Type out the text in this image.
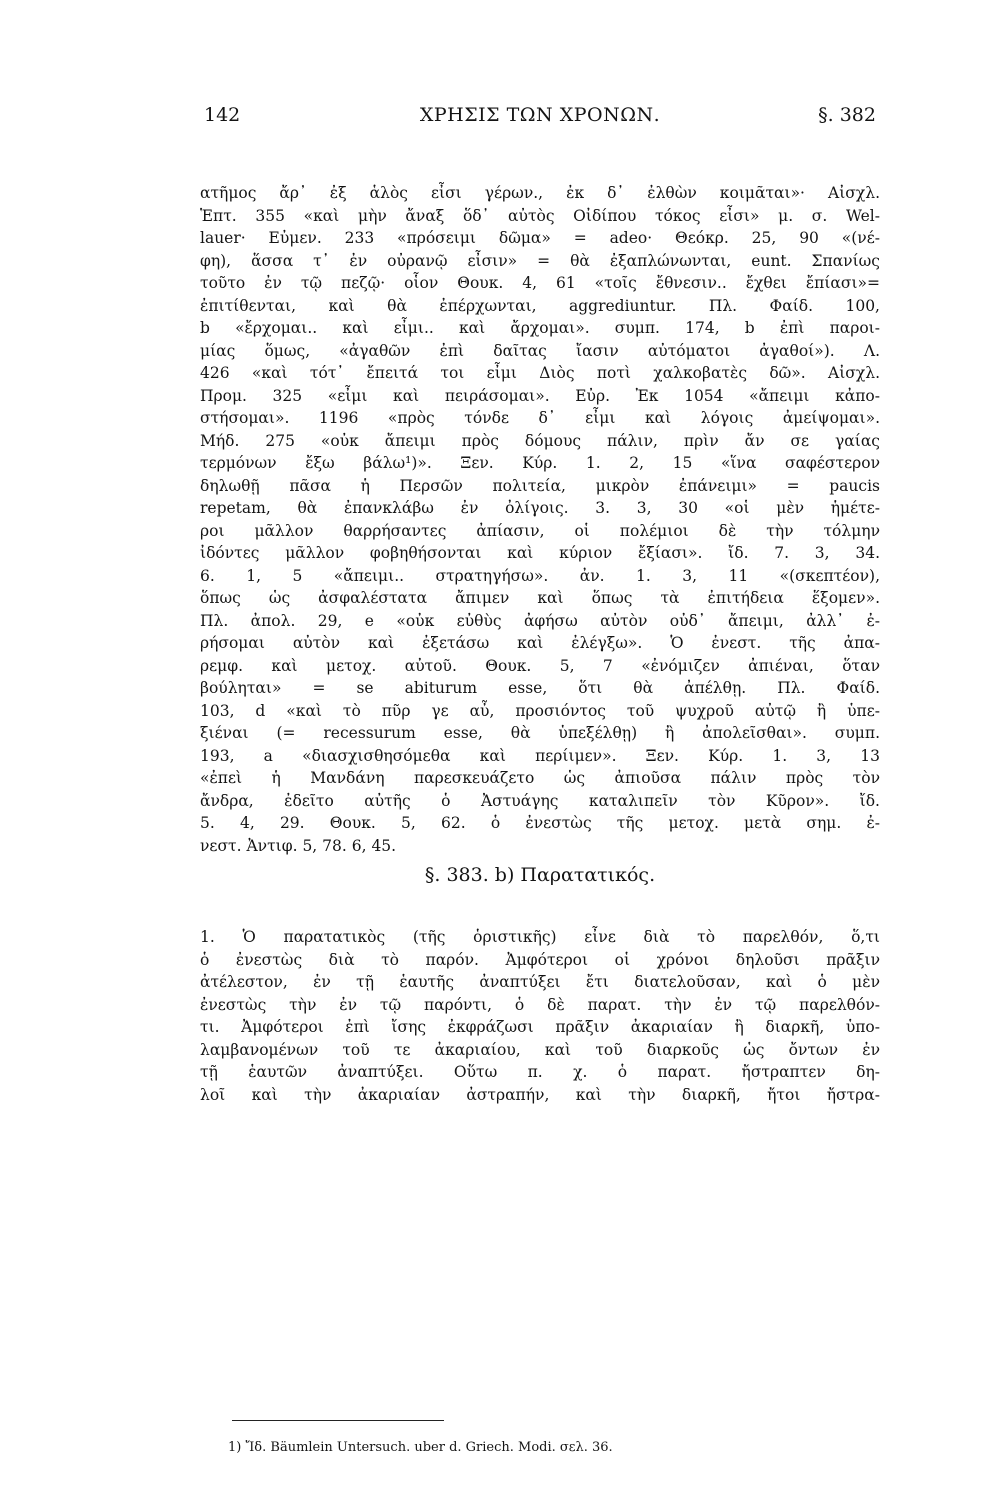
142	ΧΡΗΣΙΣ ΤΩΝ ΧΡΟΝΩΝ.	§. 382
ατῆμος ἄρ᾽ ἐξ ἁλὸς εἶσι γέρων., ἐκ δ᾽ ἐλθὼν κοιμᾶται»· Αἰσχλ.
Ἑπτ. 355 «καὶ μὴν ἄναξ ὅδ᾽ αὐτὸς Οἰδίπου τόκος εἶσι» μ. σ. Wel-
lauer· Εὐμεν. 233 «πρόσειμι δῶμα» = adeo· Θεόκρ. 25, 90 «(νέ-
φη), ἅσσα τ᾽ ἐν οὐρανῷ εἶσιν» = θὰ ἐξαπλώνωνται, eunt. Σπανίως
τοῦτο ἐν τῷ πεζῷ· οἷον Θουκ. 4, 61 «τοῖς ἔθνεσιν.. ἔχθει ἔπίασι»=
ἐπιτίθενται, καὶ θὰ ἐπέρχωνται, aggrediuntur. Πλ. Φαίδ. 100,
b «ἔρχομαι.. καὶ εἶμι.. καὶ ἄρχομαι». συμπ. 174, b ἐπὶ παροι-
μίας ὅμως, «ἀγαθῶν ἐπὶ δαῖτας ἴασιν αὐτόματοι ἀγαθοί»). Λ.
426 «καὶ τότ᾽ ἔπειτά τοι εἶμι Διὸς ποτὶ χαλκοβατὲς δῶ». Αἰσχλ.
Προμ. 325 «εἶμι καὶ πειράσομαι». Εὐρ. Ἐκ 1054 «ἄπειμι κἀπο-
στήσομαι». 1196 «πρὸς τόνδε δ᾽ εἶμι καὶ λόγοις ἀμείψομαι».
Μήδ. 275 «οὐκ ἄπειμι πρὸς δόμους πάλιν, πρὶν ἄν σε γαίας
τερμόνων ἔξω βάλω¹)». Ξεν. Κύρ. 1. 2, 15 «ἵνα σαφέστερον
δηλωθῇ πᾶσα ἡ Περσῶν πολιτεία, μικρὸν ἐπάνειμι» = paucis
repetam, θὰ ἐπανκλάβω ἐν ὀλίγοις. 3. 3, 30 «οἱ μὲν ἡμέτε-
ροι μᾶλλον θαρρήσαντες ἀπίασιν, οἱ πολέμιοι δὲ τὴν τόλμην
ἰδόντες μᾶλλον φοβηθήσονται καὶ κύριον ἔξίασι». ἴδ. 7. 3, 34.
6. 1, 5 «ἄπειμι.. στρατηγήσω». ἀν. 1. 3, 11 «(σκεπτέον),
ὅπως ὡς ἀσφαλέστατα ἄπιμεν καὶ ὅπως τὰ ἐπιτήδεια ἕξομεν».
Πλ. ἀπολ. 29, e «οὐκ εὐθὺς ἀφήσω αὐτὸν οὐδ᾽ ἄπειμι, ἀλλ᾽ ἐ-
ρήσομαι αὐτὸν καὶ ἐξετάσω καὶ ἐλέγξω». Ὁ ἐνεστ. τῆς ἀπα-
ρεμφ. καὶ μετοχ. αὐτοῦ. Θουκ. 5, 7 «ἐνόμιζεν ἀπιέναι, ὅταν
βούληται» = se abiturum esse, ὅτι θὰ ἀπέλθῃ. Πλ. Φαίδ.
103, d «καὶ τὸ πῦρ γε αὖ, προσιόντος τοῦ ψυχροῦ αὐτῷ ἢ ὑπε-
ξιέναι (= recessurum esse, θὰ ὑπεξέλθῃ) ἢ ἀπολεῖσθαι». συμπ.
193, a «διασχισθησόμεθα καὶ περίιμεν». Ξεν. Κύρ. 1. 3, 13
«ἐπεὶ ἡ Μανδάνη παρεσκευάζετο ὡς ἀπιοῦσα πάλιν πρὸς τὸν
ἄνδρα, ἐδεῖτο αὐτῆς ὁ Ἀστυάγης καταλιπεῖν τὸν Κῦρον». ἴδ.
5. 4, 29. Θουκ. 5, 62. ὁ ἐνεστὼς τῆς μετοχ. μετὰ σημ. ἐ-
νεστ. Ἀντιφ. 5, 78. 6, 45.
§. 383. b) Παρατατικός.
1. Ὁ παρατατικὸς (τῆς ὁριστικῆς) εἶνε διὰ τὸ παρελθόν, ὅ,τι
ὁ ἐνεστὼς διὰ τὸ παρόν. Ἀμφότεροι οἱ χρόνοι δηλοῦσι πρᾶξιν
ἀτέλεστον, ἐν τῇ ἑαυτῆς ἀναπτύξει ἔτι διατελοῦσαν, καὶ ὁ μὲν
ἐνεστὼς τὴν ἐν τῷ παρόντι, ὁ δὲ παρατ. τὴν ἐν τῷ παρελθόν-
τι. Ἀμφότεροι ἐπὶ ἴσης ἐκφράζωσι πρᾶξιν ἀκαριαίαν ἢ διαρκῆ, ὑπο-
λαμβανομένων τοῦ τε ἀκαριαίου, καὶ τοῦ διαρκοῦς ὡς ὄντων ἐν
τῇ ἑαυτῶν ἀναπτύξει. Οὕτω π. χ. ὁ παρατ. ἤστραπτεν δη-
λοῖ καὶ τὴν ἀκαριαίαν ἀστραπήν, καὶ τὴν διαρκῆ, ἤτοι ἤστρα-
1) Ἴδ. Bäumlein Untersuch. uber d. Griech. Modi. σελ. 36.
